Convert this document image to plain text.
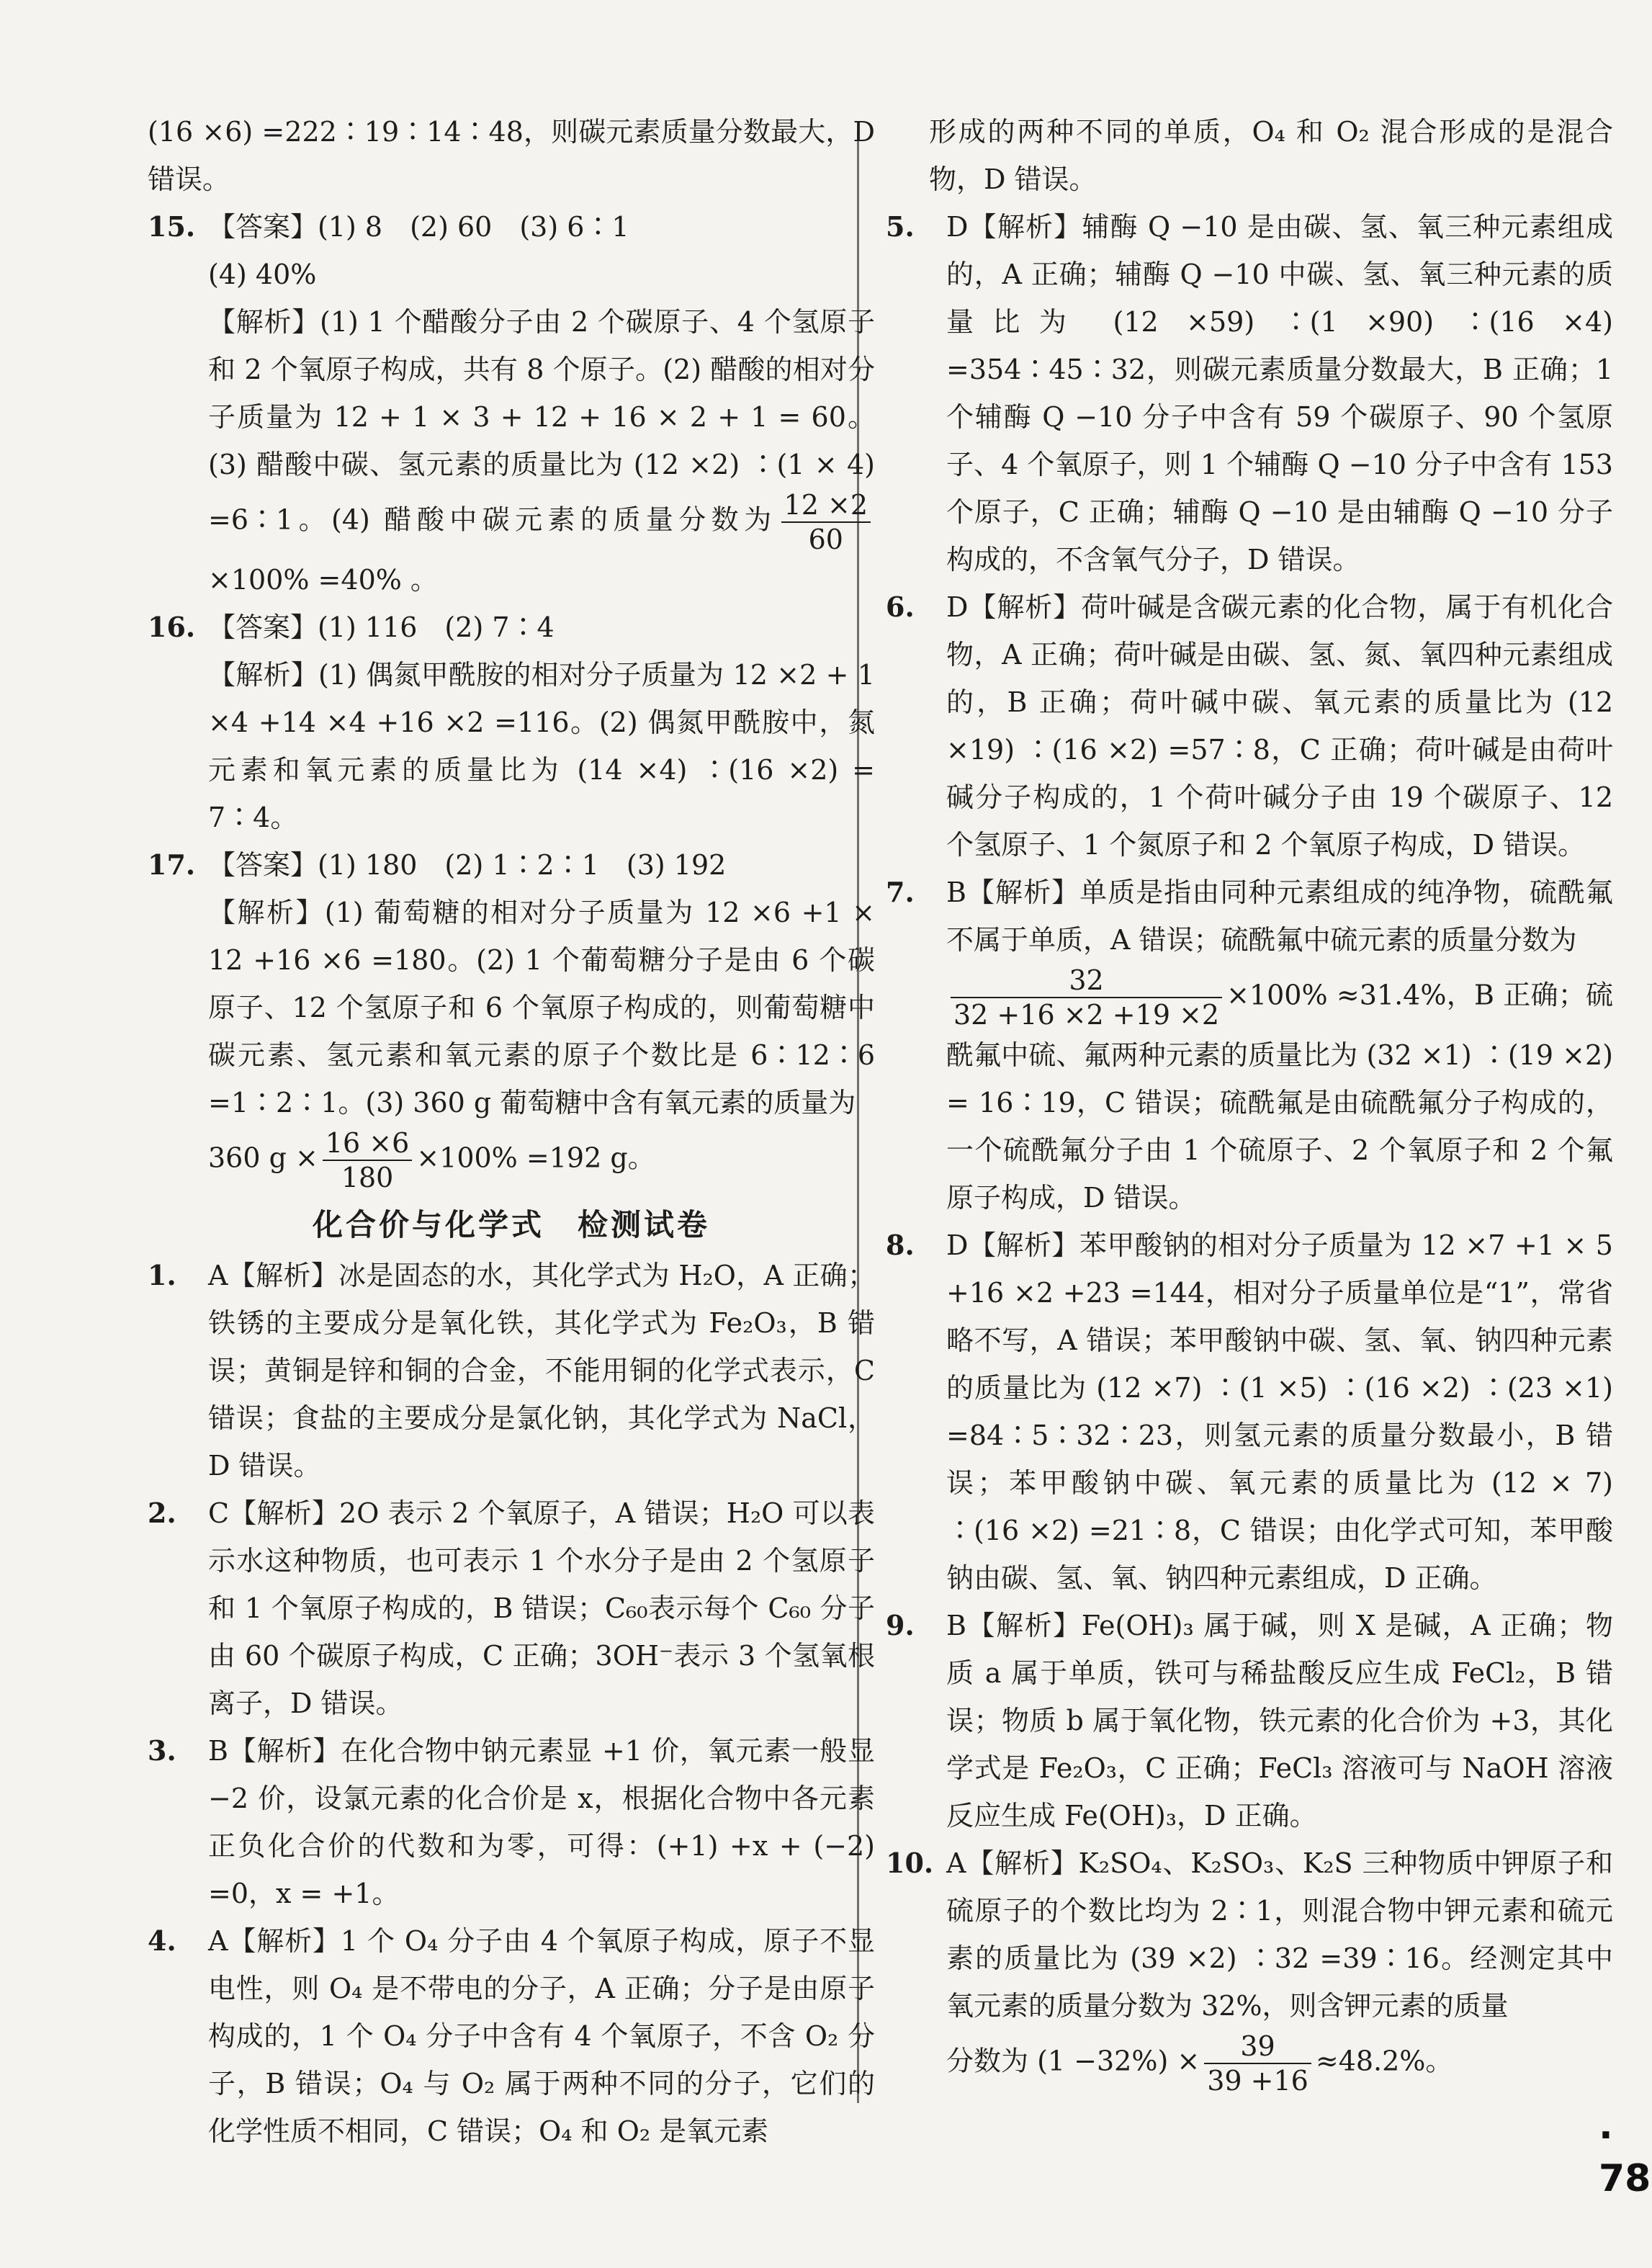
(16 ×6) =222∶19∶14∶48，则碳元素质量分数最大，D 错误。

15. 【答案】(1) 8　(2) 60　(3) 6∶1

(4) 40%

【解析】(1) 1 个醋酸分子由 2 个碳原子、4 个氢原子和 2 个氧原子构成，共有 8 个原子。(2) 醋酸的相对分子质量为 12 + 1 × 3 + 12 + 16 × 2 + 1 = 60。(3) 醋酸中碳、氢元素的质量比为 (12 ×2) ∶(1 × 4) =6∶1。(4) 醋酸中碳元素的质量分数为 $\frac{12 \times 2}{60}$
×100% =40% 。

16. 【答案】(1) 116　(2) 7∶4

【解析】(1) 偶氮甲酰胺的相对分子质量为 12 ×2 + 1 ×4 +14 ×4 +16 ×2 =116。(2) 偶氮甲酰胺中，氮元素和氧元素的质量比为 (14 ×4) ∶(16 ×2) = 7∶4。

17. 【答案】(1) 180　(2) 1∶2∶1　(3) 192

【解析】(1) 葡萄糖的相对分子质量为 12 ×6 +1 × 12 +16 ×6 =180。(2) 1 个葡萄糖分子是由 6 个碳原子、12 个氢原子和 6 个氧原子构成的，则葡萄糖中碳元素、氢元素和氧元素的原子个数比是 6∶12∶6 =1∶2∶1。(3) 360 g 葡萄糖中含有氧元素的质量为

360 $g \times \frac{16 \times 6}{180} \times 100\% =192$ g。

化合价与化学式　检测试卷
1. A【解析】冰是固态的水，其化学式为 H₂O，A 正确；铁锈的主要成分是氧化铁，其化学式为 Fe₂O₃，B 错误；黄铜是锌和铜的合金，不能用铜的化学式表示，C 错误；食盐的主要成分是氯化钠，其化学式为 NaCl，D 错误。

2. C【解析】2O 表示 2 个氧原子，A 错误；H₂O 可以表示水这种物质，也可表示 1 个水分子是由 2 个氢原子和 1 个氧原子构成的，B 错误；C₆₀表示每个 C₆₀ 分子由 60 个碳原子构成，C 正确；3OH⁻表示 3 个氢氧根离子，D 错误。

3. B【解析】在化合物中钠元素显 +1 价，氧元素一般显 −2 价，设氯元素的化合价是 x，根据化合物中各元素正负化合价的代数和为零，可得：(+1) +x + (−2) =0，x = +1。

4. A【解析】1 个 O₄ 分子由 4 个氧原子构成，原子不显电性，则 O₄ 是不带电的分子，A 正确；分子是由原子构成的，1 个 O₄ 分子中含有 4 个氧原子，不含 O₂ 分子，B 错误；O₄ 与 O₂ 属于两种不同的分子，它们的化学性质不相同，C 错误；O₄ 和 O₂ 是氧元素

形成的两种不同的单质，O₄ 和 O₂ 混合形成的是混合物，D 错误。

5. D【解析】辅酶 Q −10 是由碳、氢、氧三种元素组成的，A 正确；辅酶 Q −10 中碳、氢、氧三种元素的质量比为 (12 ×59) ∶(1 ×90) ∶(16 ×4) =354∶45∶32，则碳元素质量分数最大，B 正确；1 个辅酶 Q −10 分子中含有 59 个碳原子、90 个氢原子、4 个氧原子，则 1 个辅酶 Q −10 分子中含有 153 个原子，C 正确；辅酶 Q −10 是由辅酶 Q −10 分子构成的，不含氧气分子，D 错误。

6. D【解析】荷叶碱是含碳元素的化合物，属于有机化合物，A 正确；荷叶碱是由碳、氢、氮、氧四种元素组成的，B 正确；荷叶碱中碳、氧元素的质量比为 (12 ×19) ∶(16 ×2) =57∶8，C 正确；荷叶碱是由荷叶碱分子构成的，1 个荷叶碱分子由 19 个碳原子、12 个氢原子、1 个氮原子和 2 个氧原子构成，D 错误。

7. B【解析】单质是指由同种元素组成的纯净物，硫酰氟不属于单质，A 错误；硫酰氟中硫元素的质量分数为

$\frac{32}{32 +16 \times 2 +19 \times 2} \times 100\% \approx 31.4\%$，B 正确；硫酰氟中硫、氟两种元素的质量比为 (32 ×1) ∶(19 ×2) = 16∶19，C 错误；硫酰氟是由硫酰氟分子构成的，一个硫酰氟分子由 1 个硫原子、2 个氧原子和 2 个氟原子构成，D 错误。

8. D【解析】苯甲酸钠的相对分子质量为 12 ×7 +1 × 5 +16 ×2 +23 =144，相对分子质量单位是“1”，常省略不写，A 错误；苯甲酸钠中碳、氢、氧、钠四种元素的质量比为 (12 ×7) ∶(1 ×5) ∶(16 ×2) ∶(23 ×1) =84∶5∶32∶23，则氢元素的质量分数最小，B 错误；苯甲酸钠中碳、氧元素的质量比为 (12 × 7) ∶(16 ×2) =21∶8，C 错误；由化学式可知，苯甲酸钠由碳、氢、氧、钠四种元素组成，D 正确。

9. B【解析】Fe(OH)₃ 属于碱，则 X 是碱，A 正确；物质 a 属于单质，铁可与稀盐酸反应生成 FeCl₂，B 错误；物质 b 属于氧化物，铁元素的化合价为 +3，其化学式是 Fe₂O₃，C 正确；FeCl₃ 溶液可与 NaOH 溶液反应生成 Fe(OH)₃，D 正确。

10. A【解析】K₂SO₄、K₂SO₃、K₂S 三种物质中钾原子和硫原子的个数比均为 2∶1，则混合物中钾元素和硫元素的质量比为 (39 ×2) ∶32 =39∶16。经测定其中氧元素的质量分数为 32%，则含钾元素的质量

分数为 $(1 -32\%) \times \frac{39}{39 +16} \approx 48.2\%$。

· 78
